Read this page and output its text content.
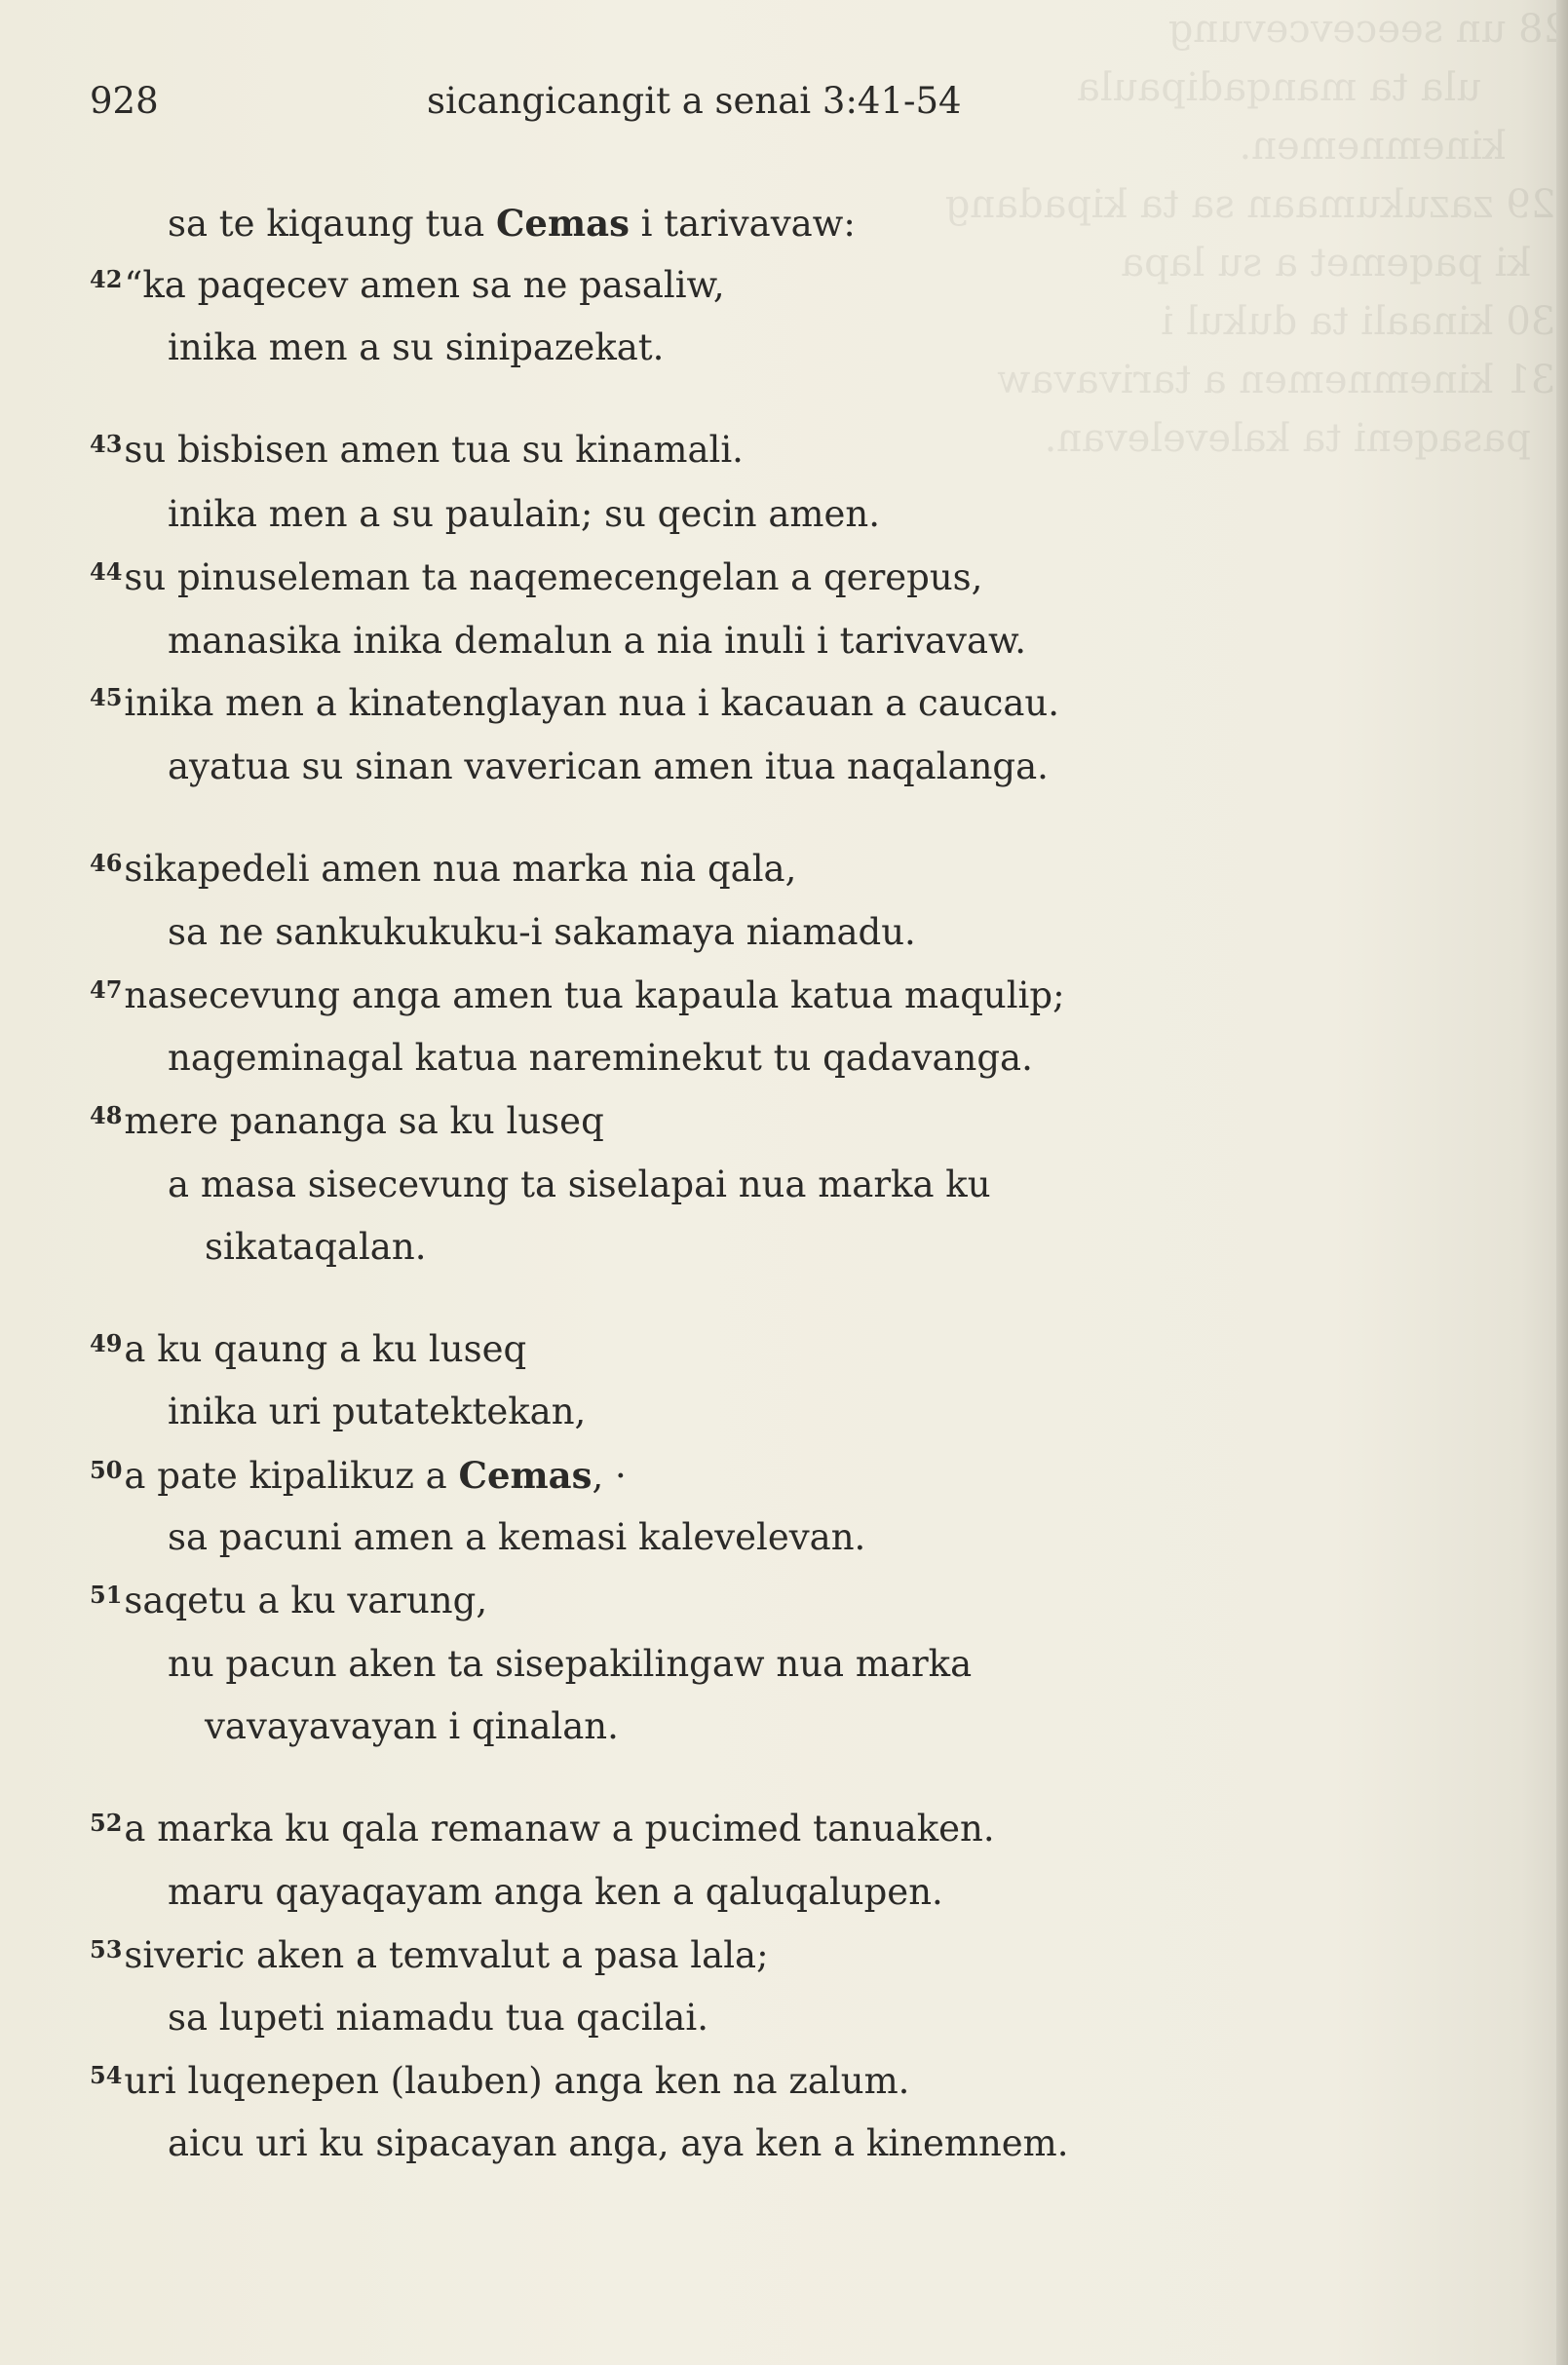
28 un seecevcevung
ula ta manqadipaula
kinemnemen.
29 zazukumaan sa ta kipadang
ki paqemet a su lapa
30 kinaali ta dukul i
31 kinemnemen a tarivavaw
pasaqeni ta kalevelevan.
928	sicangicangit a senai 3:41-54
sa te kiqaung tua Cemas i tarivavaw:
$^{42}$“ka paqecev amen sa ne pasaliw,
inika men a su sinipazekat.
$^{43}$su bisbisen amen tua su kinamali.
inika men a su paulain; su qecin amen.
$^{44}$su pinuseleman ta naqemecengelan a qerepus,
manasika inika demalun a nia inuli i tarivavaw.
$^{45}$inika men a kinatenglayan nua i kacauan a caucau.
ayatua su sinan vaverican amen itua naqalanga.
$^{46}$sikapedeli amen nua marka nia qala,
sa ne sankukukuku-i sakamaya niamadu.
$^{47}$nasecevung anga amen tua kapaula katua maqulip;
nageminagal katua nareminekut tu qadavanga.
$^{48}$mere pananga sa ku luseq
a masa sisecevung ta siselapai nua marka ku
sikataqalan.
$^{49}$a ku qaung a ku luseq
inika uri putatektekan,
$^{50}$a pate kipalikuz a Cemas, ·
sa pacuni amen a kemasi kalevelevan.
$^{51}$saqetu a ku varung,
nu pacun aken ta sisepakilingaw nua marka
vavayavayan i qinalan.
$^{52}$a marka ku qala remanaw a pucimed tanuaken.
maru qayaqayam anga ken a qaluqalupen.
$^{53}$siveric aken a temvalut a pasa lala;
sa lupeti niamadu tua qacilai.
$^{54}$uri luqenepen (lauben) anga ken na zalum.
aicu uri ku sipacayan anga, aya ken a kinemnem.
